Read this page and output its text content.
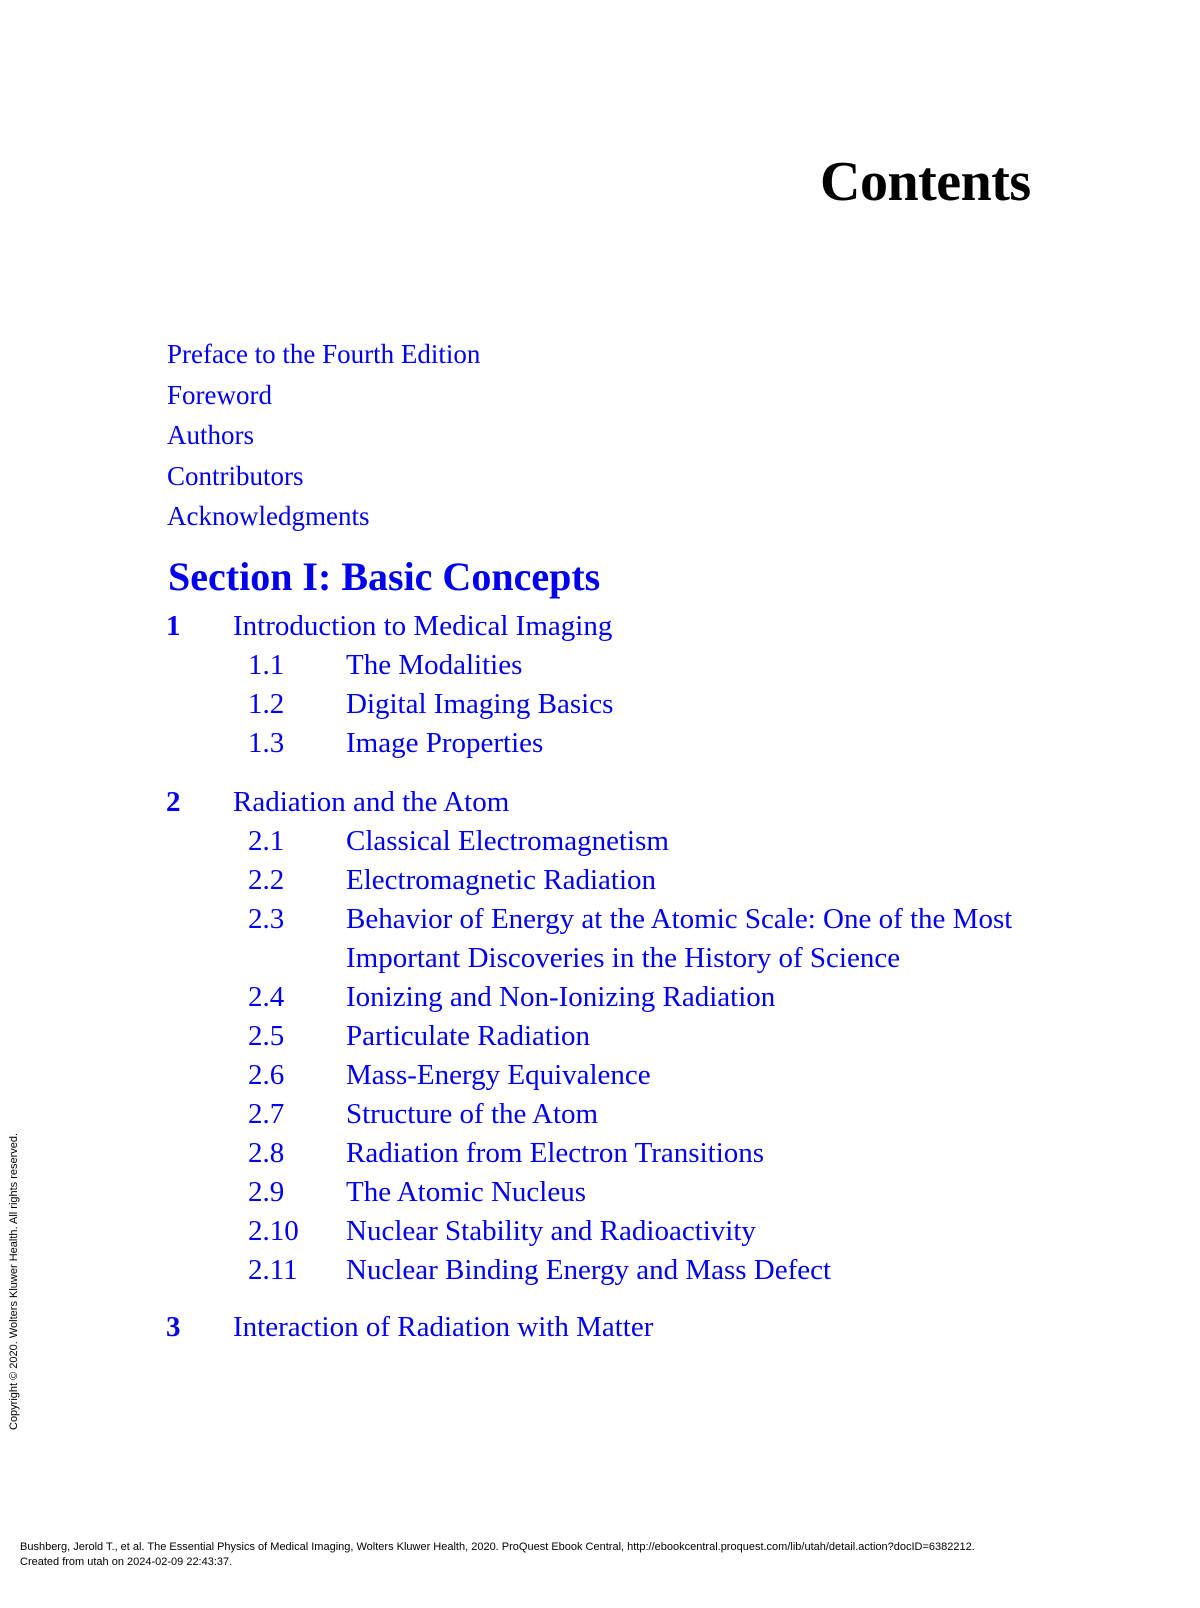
Contents
Preface to the Fourth Edition
Foreword
Authors
Contributors
Acknowledgments
Section I: Basic Concepts
1 Introduction to Medical Imaging
1.1 The Modalities
1.2 Digital Imaging Basics
1.3 Image Properties
2 Radiation and the Atom
2.1 Classical Electromagnetism
2.2 Electromagnetic Radiation
2.3 Behavior of Energy at the Atomic Scale: One of the Most Important Discoveries in the History of Science
2.4 Ionizing and Non-Ionizing Radiation
2.5 Particulate Radiation
2.6 Mass-Energy Equivalence
2.7 Structure of the Atom
2.8 Radiation from Electron Transitions
2.9 The Atomic Nucleus
2.10 Nuclear Stability and Radioactivity
2.11 Nuclear Binding Energy and Mass Defect
3 Interaction of Radiation with Matter
Copyright © 2020. Wolters Kluwer Health. All rights reserved.
Bushberg, Jerold T., et al. The Essential Physics of Medical Imaging, Wolters Kluwer Health, 2020. ProQuest Ebook Central, http://ebookcentral.proquest.com/lib/utah/detail.action?docID=6382212.
Created from utah on 2024-02-09 22:43:37.
